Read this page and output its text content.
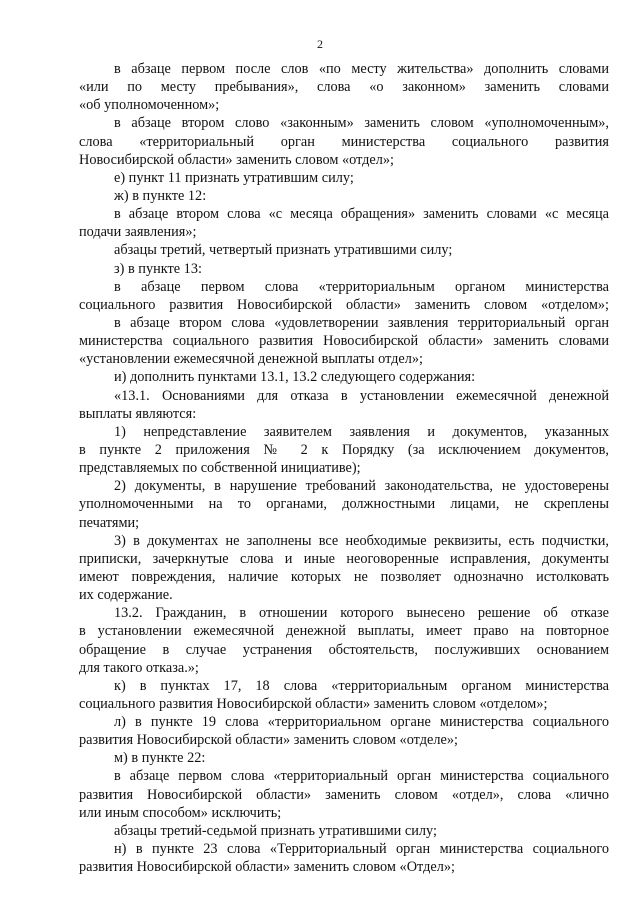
2
в абзаце первом после слов «по месту жительства» дополнить словами
«или по месту пребывания», слова «о законном» заменить словами
«об уполномоченном»;
в абзаце втором слово «законным» заменить словом «уполномоченным»,
слова «территориальный орган министерства социального развития
Новосибирской области» заменить словом «отдел»;
е) пункт 11 признать утратившим силу;
ж) в пункте 12:
в абзаце втором слова «с месяца обращения» заменить словами «с месяца
подачи заявления»;
абзацы третий, четвертый признать утратившими силу;
з) в пункте 13:
в абзаце первом слова «территориальным органом министерства
социального развития Новосибирской области» заменить словом «отделом»;
в абзаце втором слова «удовлетворении заявления территориальный орган
министерства социального развития Новосибирской области» заменить словами
«установлении ежемесячной денежной выплаты отдел»;
и) дополнить пунктами 13.1, 13.2 следующего содержания:
«13.1. Основаниями для отказа в установлении ежемесячной денежной
выплаты являются:
1) непредставление заявителем заявления и документов, указанных
в пункте 2 приложения № 2 к Порядку (за исключением документов,
представляемых по собственной инициативе);
2) документы, в нарушение требований законодательства, не удостоверены
уполномоченными на то органами, должностными лицами, не скреплены
печатями;
3) в документах не заполнены все необходимые реквизиты, есть подчистки,
приписки, зачеркнутые слова и иные неоговоренные исправления, документы
имеют повреждения, наличие которых не позволяет однозначно истолковать
их содержание.
13.2. Гражданин, в отношении которого вынесено решение об отказе
в установлении ежемесячной денежной выплаты, имеет право на повторное
обращение в случае устранения обстоятельств, послуживших основанием
для такого отказа.»;
к) в пунктах 17, 18 слова «территориальным органом министерства
социального развития Новосибирской области» заменить словом «отделом»;
л) в пункте 19 слова «территориальном органе министерства социального
развития Новосибирской области» заменить словом «отделе»;
м) в пункте 22:
в абзаце первом слова «территориальный орган министерства социального
развития Новосибирской области» заменить словом «отдел», слова «лично
или иным способом» исключить;
абзацы третий-седьмой признать утратившими силу;
н) в пункте 23 слова «Территориальный орган министерства социального
развития Новосибирской области» заменить словом «Отдел»;
